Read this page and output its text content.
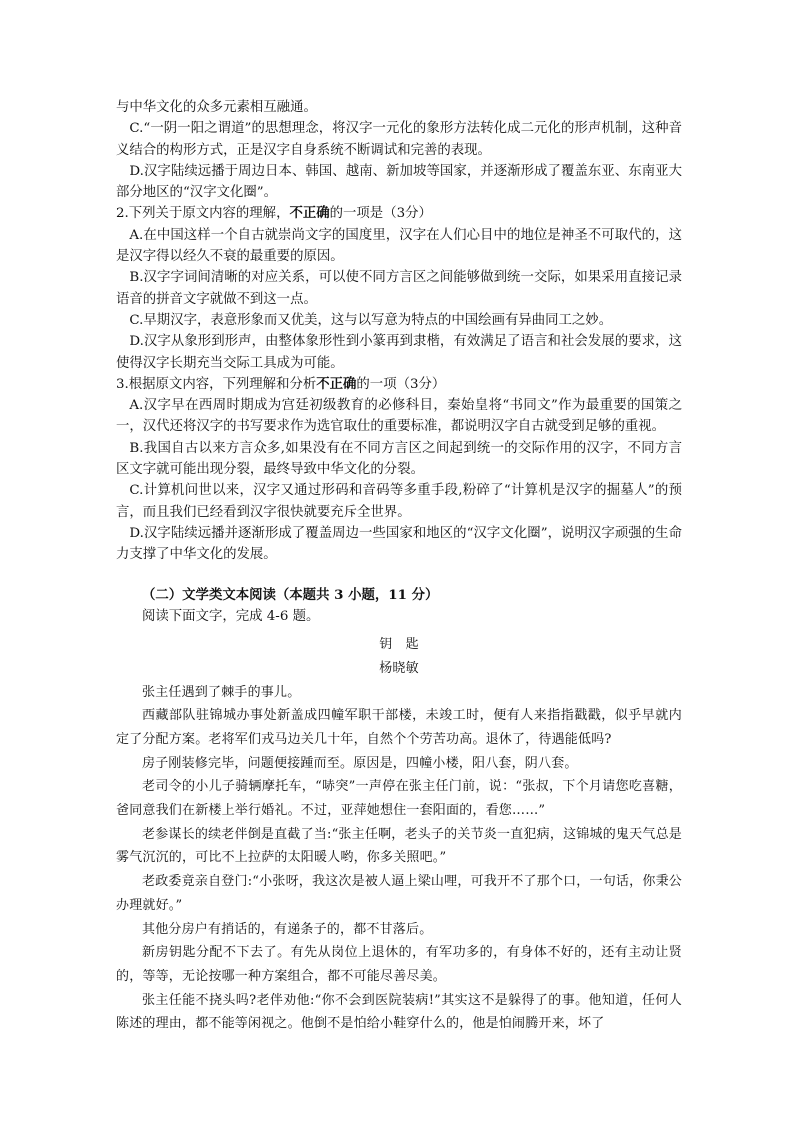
与中华文化的众多元素相互融通。

C.“一阴一阳之谓道”的思想理念，将汉字一元化的象形方法转化成二元化的形声机制，这种音义结合的构形方式，正是汉字自身系统不断调试和完善的表现。

D.汉字陆续远播于周边日本、韩国、越南、新加坡等国家，并逐渐形成了覆盖东亚、东南亚大部分地区的“汉字文化圈”。

2.下列关于原文内容的理解，不正确的一项是（3分）

A.在中国这样一个自古就崇尚文字的国度里，汉字在人们心目中的地位是神圣不可取代的，这是汉字得以经久不衰的最重要的原因。

B.汉字字词间清晰的对应关系，可以使不同方言区之间能够做到统一交际，如果采用直接记录语音的拼音文字就做不到这一点。

C.早期汉字，表意形象而又优美，这与以写意为特点的中国绘画有异曲同工之妙。

D.汉字从象形到形声，由整体象形性到小篆再到隶楷，有效满足了语言和社会发展的要求，这使得汉字长期充当交际工具成为可能。

3.根据原文内容，下列理解和分析不正确的一项（3分）

A.汉字早在西周时期成为宫廷初级教育的必修科目，秦始皇将“书同文”作为最重要的国策之一，汉代还将汉字的书写要求作为选官取仕的重要标准，都说明汉字自古就受到足够的重视。

B.我国自古以来方言众多,如果没有在不同方言区之间起到统一的交际作用的汉字，不同方言区文字就可能出现分裂，最终导致中华文化的分裂。

C.计算机问世以来，汉字又通过形码和音码等多重手段,粉碎了“计算机是汉字的掘墓人”的预言，而且我们已经看到汉字很快就要充斥全世界。

D.汉字陆续远播并逐渐形成了覆盖周边一些国家和地区的“汉字文化圈”，说明汉字顽强的生命力支撑了中华文化的发展。

（二）文学类文本阅读（本题共 3 小题，11 分）

阅读下面文字，完成 4-6 题。

钥　匙

杨晓敏

张主任遇到了棘手的事儿。

西藏部队驻锦城办事处新盖成四幢军职干部楼，未竣工时，便有人来指指戳戳，似乎早就内定了分配方案。老将军们戎马边关几十年，自然个个劳苦功高。退休了，待遇能低吗?

房子刚装修完毕，问题便接踵而至。原因是，四幢小楼，阳八套，阴八套。

老司令的小儿子骑辆摩托车，“哧突”一声停在张主任门前，说：“张叔，下个月请您吃喜糖，爸同意我们在新楼上举行婚礼。不过，亚萍她想住一套阳面的，看您……”

老参谋长的续老伴倒是直截了当:“张主任啊，老头子的关节炎一直犯病，这锦城的鬼天气总是雾气沉沉的，可比不上拉萨的太阳暖人哟，你多关照吧。”

老政委竟亲自登门:“小张呀，我这次是被人逼上梁山哩，可我开不了那个口，一句话，你秉公办理就好。”

其他分房户有捎话的，有递条子的，都不甘落后。

新房钥匙分配不下去了。有先从岗位上退休的，有军功多的，有身体不好的，还有主动让贤的，等等，无论按哪一种方案组合，都不可能尽善尽美。

张主任能不挠头吗?老伴劝他:“你不会到医院装病!”其实这不是躲得了的事。他知道，任何人陈述的理由，都不能等闲视之。他倒不是怕给小鞋穿什么的，他是怕闹腾开来，坏了
